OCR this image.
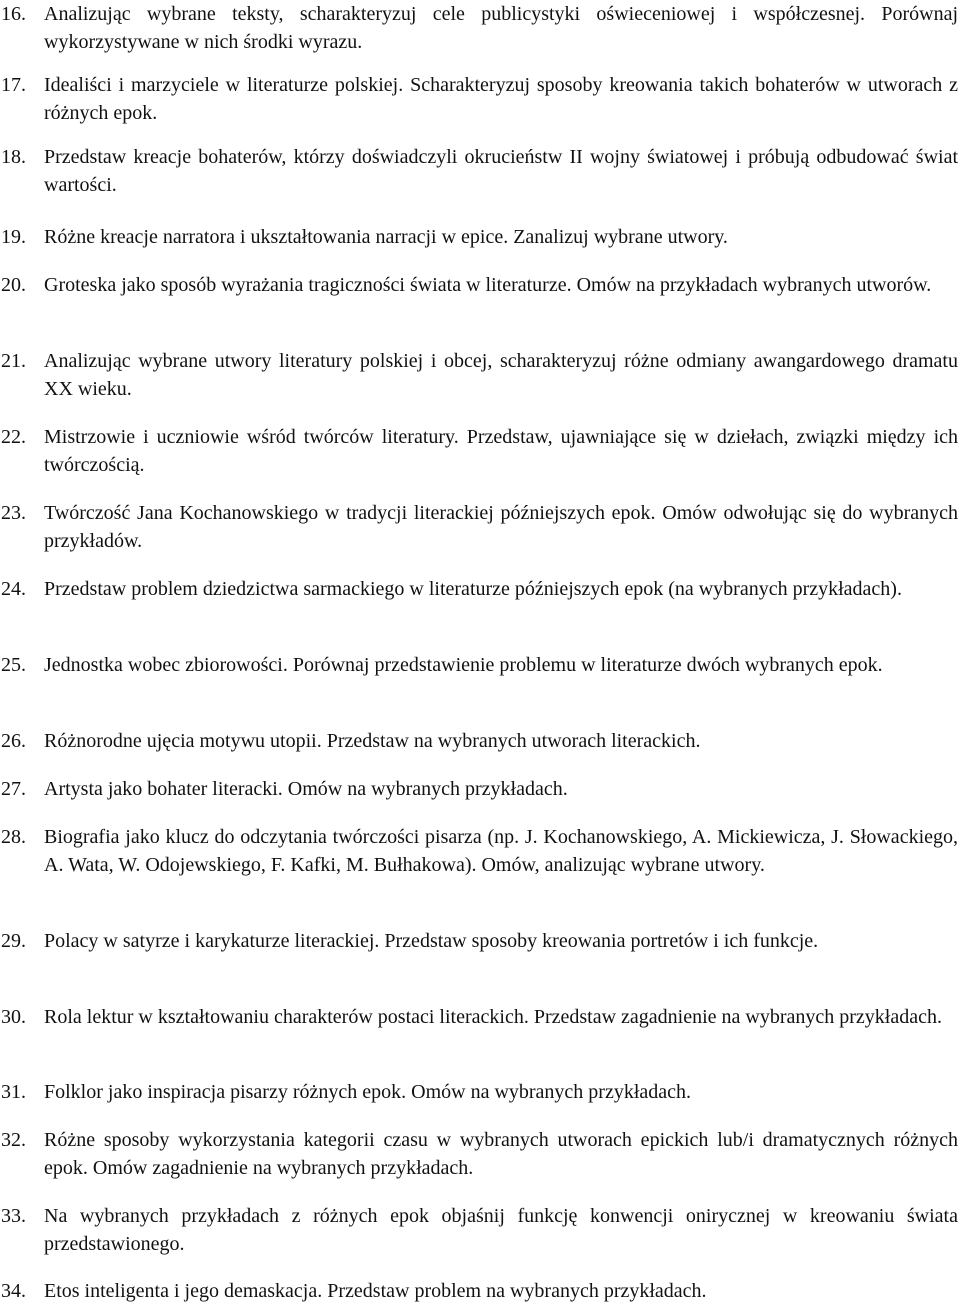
16. Analizując wybrane teksty, scharakteryzuj cele publicystyki oświeceniowej i współczesnej. Porównaj wykorzystywane w nich środki wyrazu.
17. Idealiści i marzyciele w literaturze polskiej. Scharakteryzuj sposoby kreowania takich bohaterów w utworach z różnych epok.
18. Przedstaw kreacje bohaterów, którzy doświadczyli okrucieństw II wojny światowej i próbują odbudować świat wartości.
19. Różne kreacje narratora i ukształtowania narracji w epice. Zanalizuj wybrane utwory.
20. Groteska jako sposób wyrażania tragiczności świata w literaturze. Omów na przykładach wybranych utworów.
21. Analizując wybrane utwory literatury polskiej i obcej, scharakteryzuj różne odmiany awangardowego dramatu XX wieku.
22. Mistrzowie i uczniowie wśród twórców literatury. Przedstaw, ujawniające się w dziełach, związki między ich twórczością.
23. Twórczość Jana Kochanowskiego w tradycji literackiej późniejszych epok. Omów odwołując się do wybranych przykładów.
24. Przedstaw problem dziedzictwa sarmackiego w literaturze późniejszych epok (na wybranych przykładach).
25. Jednostka wobec zbiorowości. Porównaj przedstawienie problemu w literaturze dwóch wybranych epok.
26. Różnorodne ujęcia motywu utopii. Przedstaw na wybranych utworach literackich.
27. Artysta jako bohater literacki. Omów na wybranych przykładach.
28. Biografia jako klucz do odczytania twórczości pisarza (np. J. Kochanowskiego, A. Mickiewicza, J. Słowackiego, A. Wata, W. Odojewskiego, F. Kafki, M. Bułhakowa). Omów, analizując wybrane utwory.
29. Polacy w satyrze i karykaturze literackiej. Przedstaw sposoby kreowania portretów i ich funkcje.
30. Rola lektur w kształtowaniu charakterów postaci literackich. Przedstaw zagadnienie na wybranych przykładach.
31. Folklor jako inspiracja pisarzy różnych epok. Omów na wybranych przykładach.
32. Różne sposoby wykorzystania kategorii czasu w wybranych utworach epickich lub/i dramatycznych różnych epok. Omów zagadnienie na wybranych przykładach.
33. Na wybranych przykładach z różnych epok objaśnij funkcję konwencji onirycznej w kreowaniu świata przedstawionego.
34. Etos inteligenta i jego demaskacja. Przedstaw problem na wybranych przykładach.
